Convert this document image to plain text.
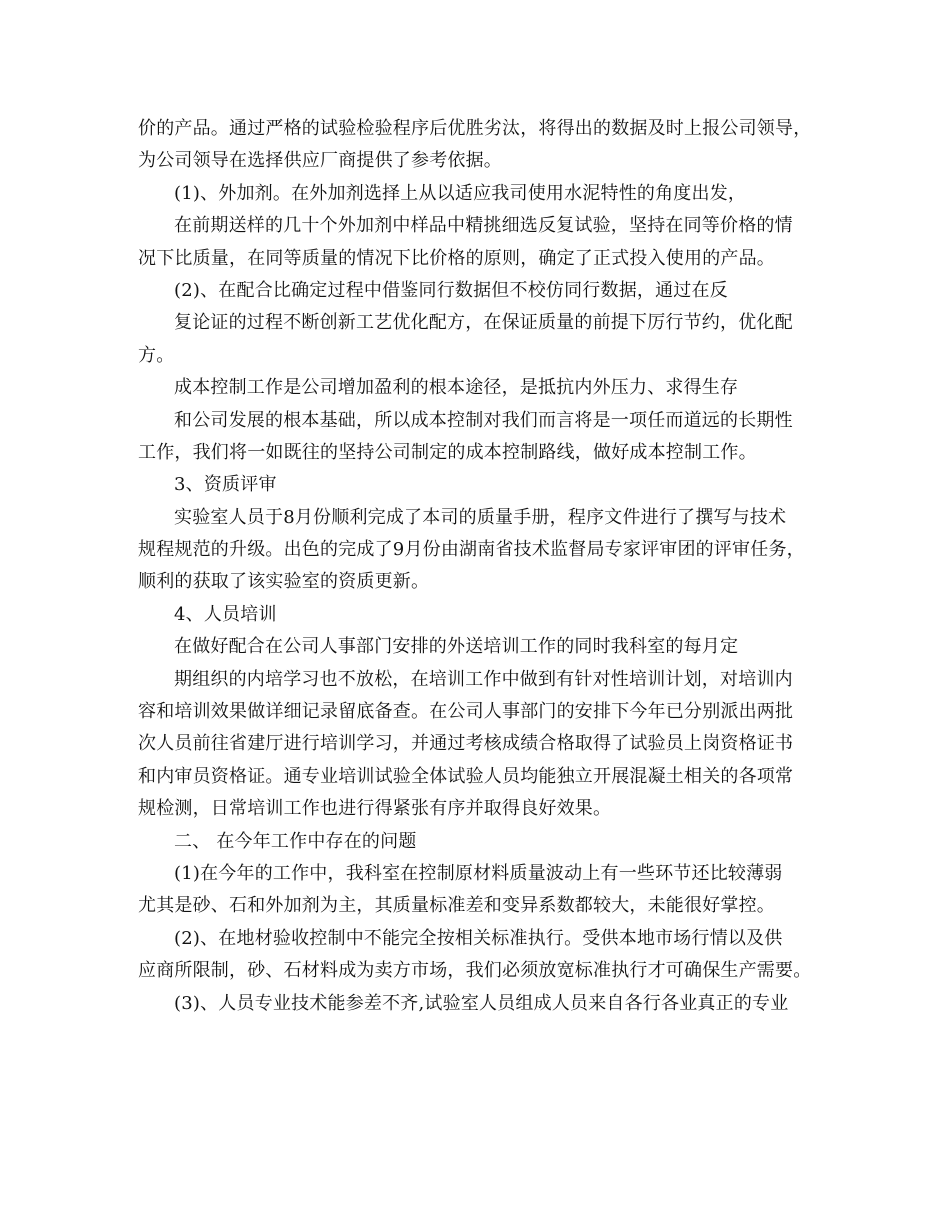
价的产品。通过严格的试验检验程序后优胜劣汰，将得出的数据及时上报公司领导，
为公司领导在选择供应厂商提供了参考依据。
(1)、外加剂。在外加剂选择上从以适应我司使用水泥特性的角度出发，
在前期送样的几十个外加剂中样品中精挑细选反复试验，坚持在同等价格的情
况下比质量，在同等质量的情况下比价格的原则，确定了正式投入使用的产品。
(2)、在配合比确定过程中借鉴同行数据但不校仿同行数据，通过在反
复论证的过程不断创新工艺优化配方，在保证质量的前提下厉行节约，优化配
方。
成本控制工作是公司增加盈利的根本途径，是抵抗内外压力、求得生存
和公司发展的根本基础，所以成本控制对我们而言将是一项任而道远的长期性
工作，我们将一如既往的坚持公司制定的成本控制路线，做好成本控制工作。
3、资质评审
实验室人员于8月份顺利完成了本司的质量手册，程序文件进行了撰写与技术
规程规范的升级。出色的完成了9月份由湖南省技术监督局专家评审团的评审任务，
顺利的获取了该实验室的资质更新。
4、人员培训
在做好配合在公司人事部门安排的外送培训工作的同时我科室的每月定
期组织的内培学习也不放松，在培训工作中做到有针对性培训计划，对培训内
容和培训效果做详细记录留底备查。在公司人事部门的安排下今年已分别派出两批
次人员前往省建厅进行培训学习，并通过考核成绩合格取得了试验员上岗资格证书
和内审员资格证。通专业培训试验全体试验人员均能独立开展混凝土相关的各项常
规检测，日常培训工作也进行得紧张有序并取得良好效果。
二、 在今年工作中存在的问题
(1)在今年的工作中，我科室在控制原材料质量波动上有一些环节还比较薄弱
尤其是砂、石和外加剂为主，其质量标准差和变异系数都较大，未能很好掌控。
(2)、在地材验收控制中不能完全按相关标准执行。受供本地市场行情以及供
应商所限制，砂、石材料成为卖方市场，我们必须放宽标准执行才可确保生产需要。
(3)、人员专业技术能参差不齐,试验室人员组成人员来自各行各业真正的专业
